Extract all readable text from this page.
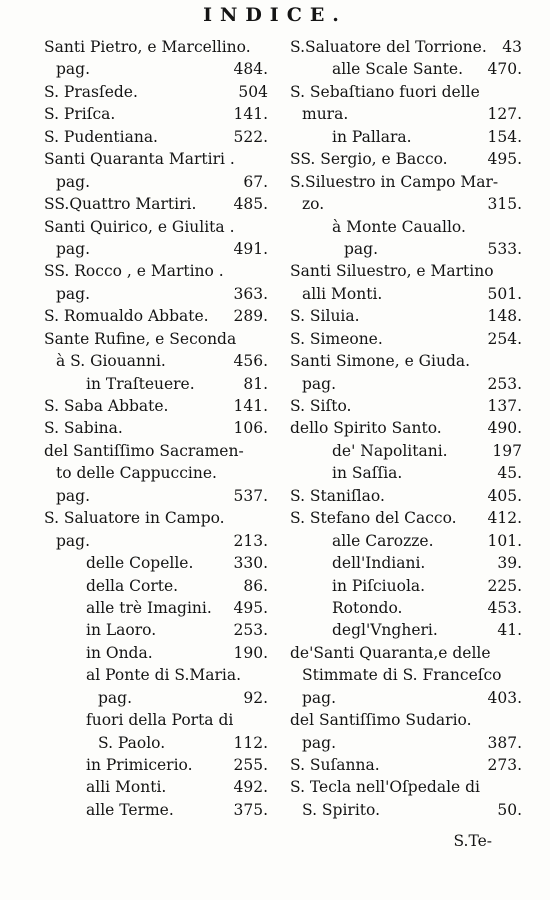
INDICE.
Santi Pietro, e Marcellino.
pag.	484.
S. Prasſede.	504
S. Priſca.	141.
S. Pudentiana.	522.
Santi Quaranta Martiri .
pag.	67.
SS.Quattro Martiri. 485.
Santi Quirico, e Giulita .
pag.	491.
SS. Rocco , e Martino .
pag.	363.
S. Romualdo Abbate. 289.
Sante Rufine, e Seconda
à S. Giouanni.	456.
in Traſteuere.	81.
S. Saba Abbate.	141.
S. Sabina.	106.
del Santiſſimo Sacramen-
to delle Cappuccine.
pag.	537.
S. Saluatore in Campo.
pag.	213.
delle Copelle.	330.
della Corte.	86.
alle trè Imagini. 495.
in Laoro.	253.
in Onda.	190.
al Ponte di S.Maria.
pag.	92.
fuori della Porta di
S. Paolo.	112.
in Primicerio.	255.
alli Monti.	492.
alle Terme.	375.
S.Saluatore del Torrione. 43
alle Scale Sante. 470.
S. Sebaſtiano fuori delle
mura.	127.
in Pallara.	154.
SS. Sergio, e Bacco.	495.
S.Siluestro in Campo Mar-
zo.	315.
à Monte Cauallo.
pag.	533.
Santi Siluestro, e Martino
alli Monti.	501.
S. Siluia.	148.
S. Simeone.	254.
Santi Simone, e Giuda.
pag.	253.
S. Siſto.	137.
dello Spirito Santo.	490.
de' Napolitani.	197
in Saſſia.	45.
S. Staniſlao.	405.
S. Stefano del Cacco. 412.
alle Carozze.	101.
dell'Indiani.	39.
in Piſciuola.	225.
Rotondo.	453.
degl'Vngheri.	41.
de'Santi Quaranta,e delle
Stimmate di S. Franceſco
pag.	403.
del Santiſſimo Sudario.
pag.	387.
S. Suſanna.	273.
S. Tecla nell'Oſpedale di
S. Spirito.	50.
S.Te-
